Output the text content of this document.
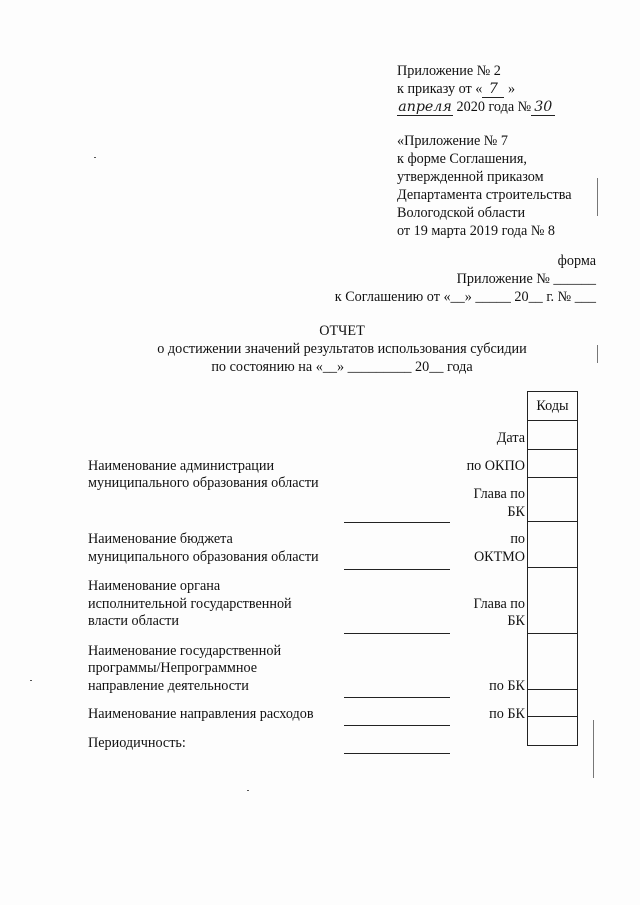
Приложение № 2
к приказу от « 7 »
апреля 2020 года № 30
«Приложение № 7
к форме Соглашения,
утвержденной приказом
Департамента строительства
Вологодской области
от 19 марта 2019 года № 8
форма
Приложение № ______
к Соглашению от «__» _____ 20__ г. № ___
ОТЧЕТ
о достижении значений результатов использования субсидии
по состоянию на «__» _________ 20__ года
Коды
Дата
по ОКПО
Глава по
БК
по
ОКТМО
Глава по
БК
по БК
по БК
Наименование администрации
муниципального образования области
Наименование бюджета
муниципального образования области
Наименование органа
исполнительной государственной
власти области
Наименование государственной
программы/Непрограммное
направление деятельности
Наименование направления расходов
Периодичность:
